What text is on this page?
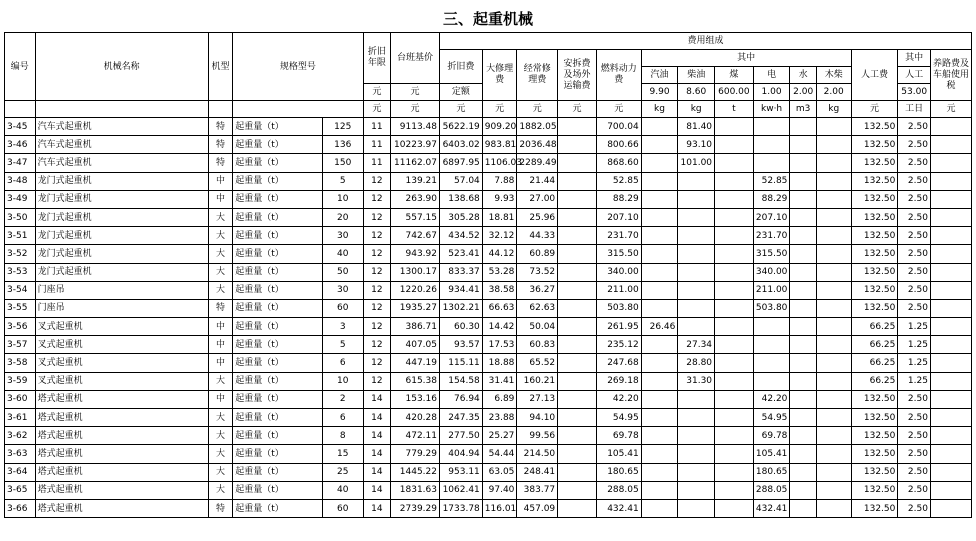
三、起重机械
编号	机械名称	机型	规格型号		折旧年限	台班基价	费用组成													
							折旧费	大修理费	经常修理费	安拆费及场外运输费	燃料动力费	其中						人工费	其中	养路费及车船使用税
												汽油	柴油	煤	电	水	木柴		人工	
					元	元	定额					9.90	8.60	600.00	1.00	2.00	2.00		53.00	
					元	元	元	元	元	元	元	kg	kg	t	kw·h	m3	kg	元	工日	元
3-45	汽车式起重机	特	起重量（t）	125	11	9113.48	5622.19	909.20	1882.05		700.04		81.40					132.50	2.50	
3-46	汽车式起重机	特	起重量（t）	136	11	10223.97	6403.02	983.81	2036.48		800.66		93.10					132.50	2.50	
3-47	汽车式起重机	特	起重量（t）	150	11	11162.07	6897.95	1106.03	2289.49		868.60		101.00					132.50	2.50	
3-48	龙门式起重机	中	起重量（t）	5	12	139.21	57.04	7.88	21.44		52.85				52.85			132.50	2.50	
3-49	龙门式起重机	中	起重量（t）	10	12	263.90	138.68	9.93	27.00		88.29				88.29			132.50	2.50	
3-50	龙门式起重机	大	起重量（t）	20	12	557.15	305.28	18.81	25.96		207.10				207.10			132.50	2.50	
3-51	龙门式起重机	大	起重量（t）	30	12	742.67	434.52	32.12	44.33		231.70				231.70			132.50	2.50	
3-52	龙门式起重机	大	起重量（t）	40	12	943.92	523.41	44.12	60.89		315.50				315.50			132.50	2.50	
3-53	龙门式起重机	大	起重量（t）	50	12	1300.17	833.37	53.28	73.52		340.00				340.00			132.50	2.50	
3-54	门座吊	大	起重量（t）	30	12	1220.26	934.41	38.58	36.27		211.00				211.00			132.50	2.50	
3-55	门座吊	特	起重量（t）	60	12	1935.27	1302.21	66.63	62.63		503.80				503.80			132.50	2.50	
3-56	叉式起重机	中	起重量（t）	3	12	386.71	60.30	14.42	50.04		261.95	26.46						66.25	1.25	
3-57	叉式起重机	中	起重量（t）	5	12	407.05	93.57	17.53	60.83		235.12		27.34					66.25	1.25	
3-58	叉式起重机	中	起重量（t）	6	12	447.19	115.11	18.88	65.52		247.68		28.80					66.25	1.25	
3-59	叉式起重机	大	起重量（t）	10	12	615.38	154.58	31.41	160.21		269.18		31.30					66.25	1.25	
3-60	塔式起重机	中	起重量（t）	2	14	153.16	76.94	6.89	27.13		42.20				42.20			132.50	2.50	
3-61	塔式起重机	大	起重量（t）	6	14	420.28	247.35	23.88	94.10		54.95				54.95			132.50	2.50	
3-62	塔式起重机	大	起重量（t）	8	14	472.11	277.50	25.27	99.56		69.78				69.78			132.50	2.50	
3-63	塔式起重机	大	起重量（t）	15	14	779.29	404.94	54.44	214.50		105.41				105.41			132.50	2.50	
3-64	塔式起重机	大	起重量（t）	25	14	1445.22	953.11	63.05	248.41		180.65				180.65			132.50	2.50	
3-65	塔式起重机	大	起重量（t）	40	14	1831.63	1062.41	97.40	383.77		288.05				288.05			132.50	2.50	
3-66	塔式起重机	特	起重量（t）	60	14	2739.29	1733.78	116.01	457.09		432.41				432.41			132.50	2.50	
